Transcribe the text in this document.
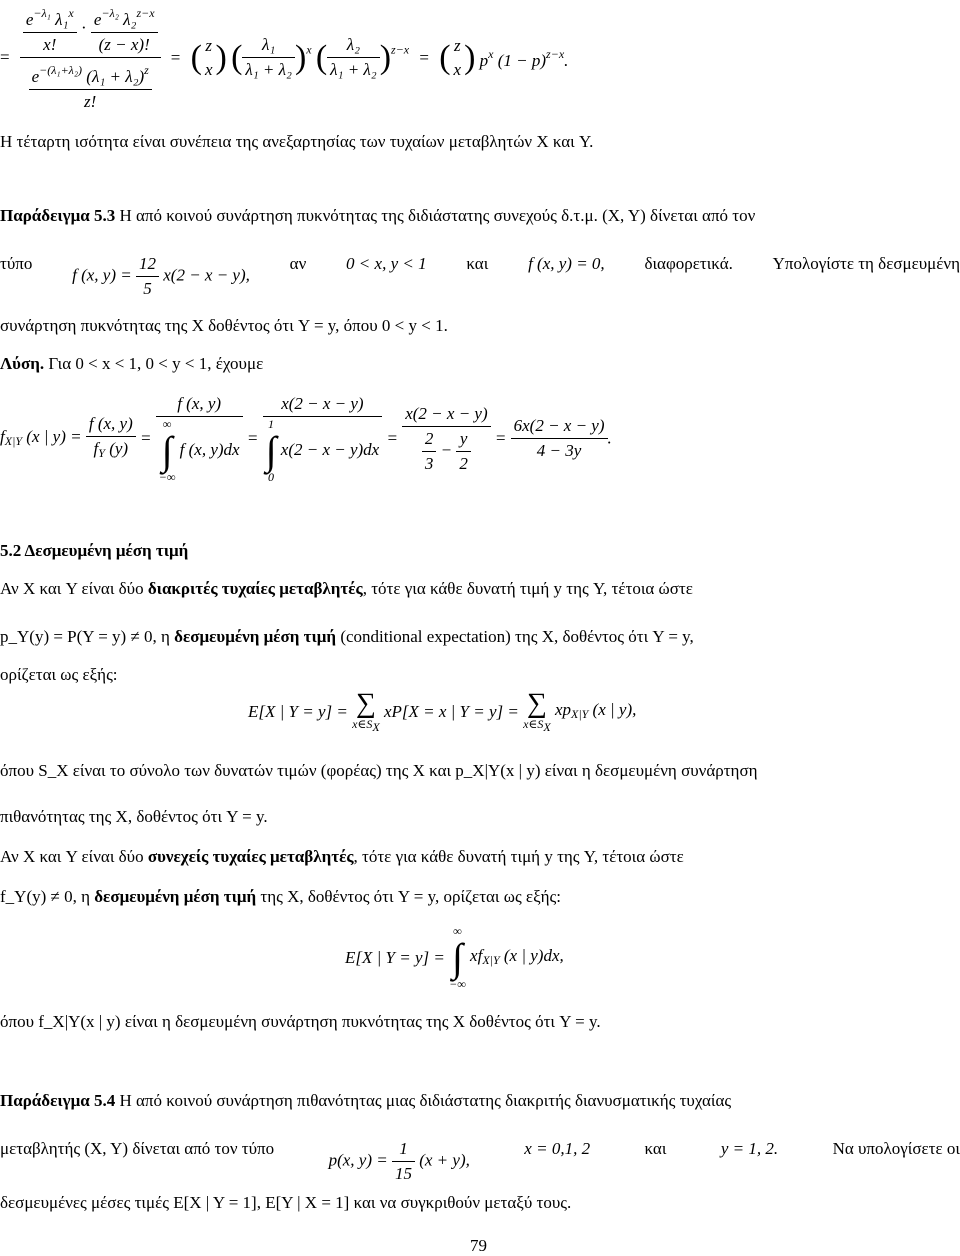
= $\frac{\frac{e^{-\lambda_1} \lambda_1^x}{x!} \cdot \frac{e^{-\lambda_2} \lambda_2^{z-x}}{(z - x)!}}{\frac{e^{-(\lambda_1+\lambda_2)} (\lambda_1 + \lambda_2)^z}{z!}}$ = ( z
x ) ( $\frac{\text{λ₁}}{\text{λ₁ + λ₂}} )^x$ ( $\frac{\text{λ₂}}{\text{λ₁ + λ₂}} )^{z-x}$ = ( z
x ) $p^x$ $(1 - p)^{z-x}$.
Η τέταρτη ισότητα είναι συνέπεια της ανεξαρτησίας των τυχαίων μεταβλητών X και Y.
Παράδειγμα 5.3 Η από κοινού συνάρτηση πυκνότητας της διδιάστατης συνεχούς δ.τ.μ. (X, Y) δίνεται από τον
τύπο
f (x, $y) = \frac{12}{5} x(2 - x - y)$,
αν 0 < x, y < 1 και f (x, y) = 0, διαφορετικά. Υπολογίστε τη δεσμευμένη
συνάρτηση πυκνότητας της X δοθέντος ότι Y = y, όπου 0 < y < 1.
Λύση. Για 0 < x < 1, 0 < y < 1, έχουμε
$f_{X|Y}$ (x | $y) = \frac{f (x, y)}{f_Y (y)}$ =
f (x, y)
∞
∫
−∞ f (x, y)dx
=
x(2 − x − y)
1
∫
0 x(2 − x − y)dx
= $\frac{x(2 - x - y)}{\frac{2}{3} - \frac{y}{2}} = \frac{6x(2 - x - y)}{4 - 3y}$ .
5.2 Δεσμευμένη μέση τιμή
Αν X και Y είναι δύο διακριτές τυχαίες μεταβλητές, τότε για κάθε δυνατή τιμή y της Y, τέτοια ώστε
p_Y(y) = P(Y = y) ≠ 0, η δεσμευμένη μέση τιμή (conditional expectation) της X, δοθέντος ότι Y = y,
ορίζεται ως εξής:
E[X | Y = y] = ∑
x∈SX xP[X = x | Y = y] = ∑
x∈SX $xp_{X|Y}$ (x | y),
όπου S_X είναι το σύνολο των δυνατών τιμών (φορέας) της X και p_X|Y(x | y) είναι η δεσμευμένη συνάρτηση
πιθανότητας της X, δοθέντος ότι Y = y.
Αν X και Y είναι δύο συνεχείς τυχαίες μεταβλητές, τότε για κάθε δυνατή τιμή y της Y, τέτοια ώστε
f_Y(y) ≠ 0, η δεσμευμένη μέση τιμή της X, δοθέντος ότι Y = y, ορίζεται ως εξής:
E[X | Y = y] = ∞
∫
−∞ $xf_{X|Y}$ (x | y)dx,
όπου f_X|Y(x | y) είναι η δεσμευμένη συνάρτηση πυκνότητας της X δοθέντος ότι Y = y.
Παράδειγμα 5.4 Η από κοινού συνάρτηση πιθανότητας μιας διδιάστατης διακριτής διανυσματικής τυχαίας
μεταβλητής (X, Y) δίνεται από τον τύπο
p(x, $y) = \frac{1}{15} (x + y)$,
x = 0,1, 2	και	y = 1, 2.	Να υπολογίσετε οι
δεσμευμένες μέσες τιμές E[X | Y = 1], E[Y | X = 1] και να συγκριθούν μεταξύ τους.
79
